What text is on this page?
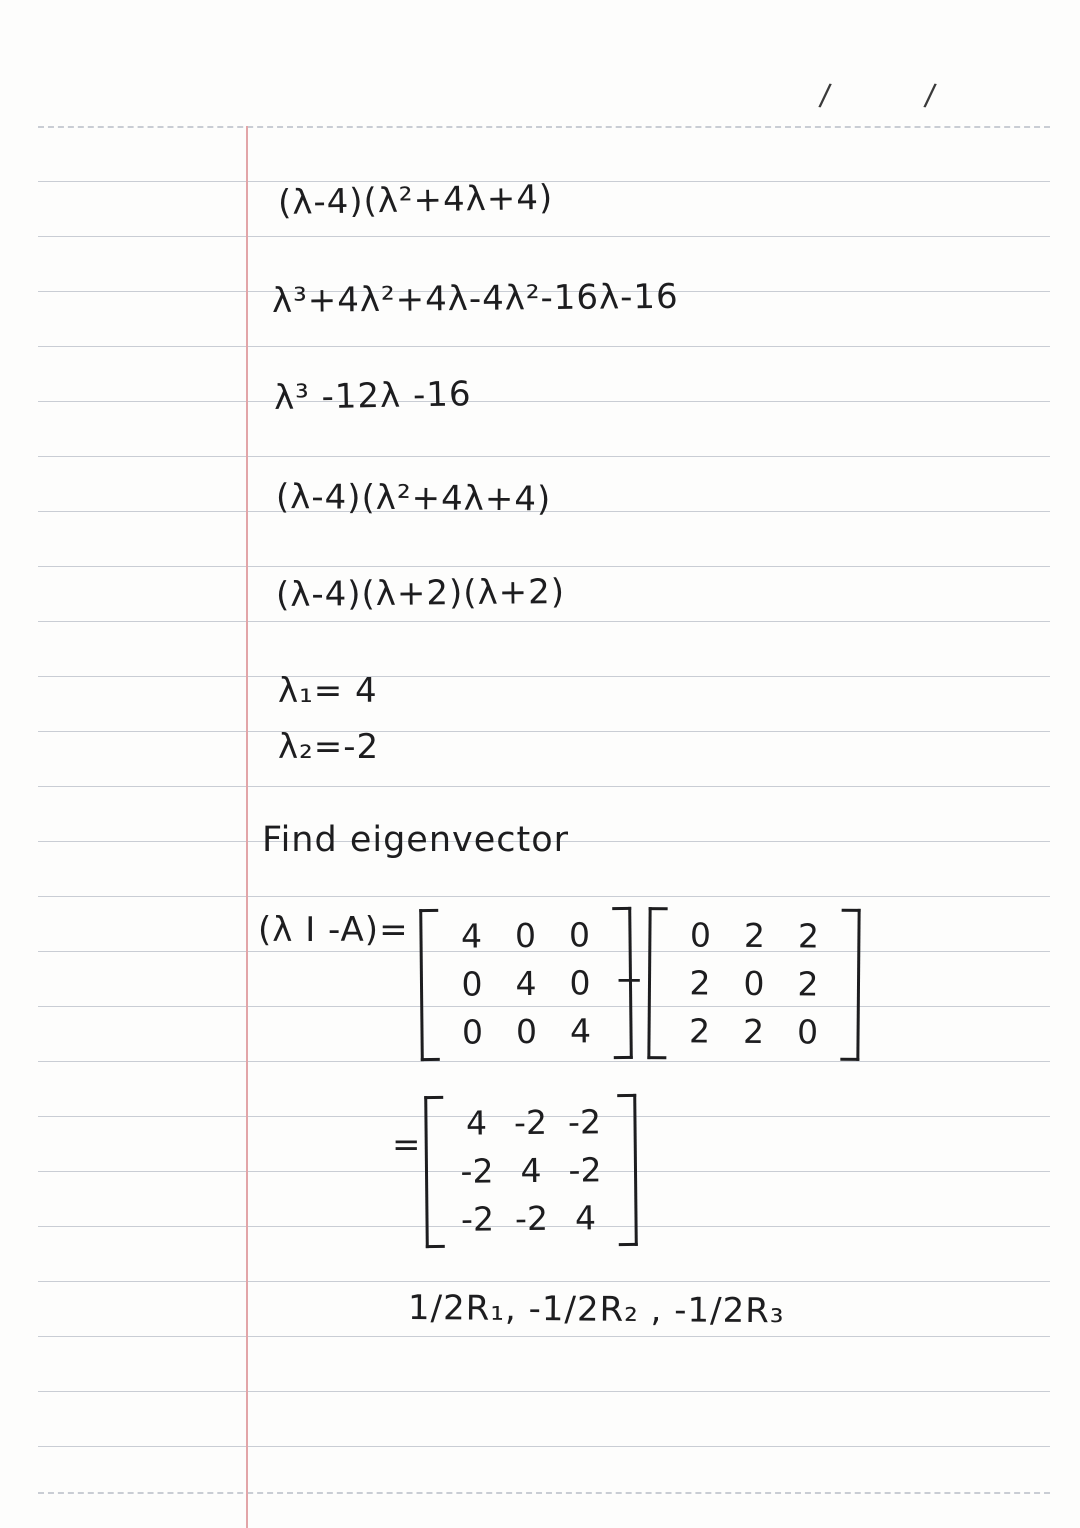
/	/
(λ-4)(λ²+4λ+4)
λ³+4λ²+4λ-4λ²-16λ-16
λ³ -12λ -16
(λ-4)(λ²+4λ+4)
(λ-4)(λ+2)(λ+2)
λ₁= 4
λ₂=-2
Find eigenvector
(λ I -A)=	4 0 0
0 4 0
0 0 4
−
0 2 2
2 0 2
2 2 0
=
4 -2 -2
-2 4 -2
-2 -2 4
1/2R₁, -1/2R₂ , -1/2R₃
